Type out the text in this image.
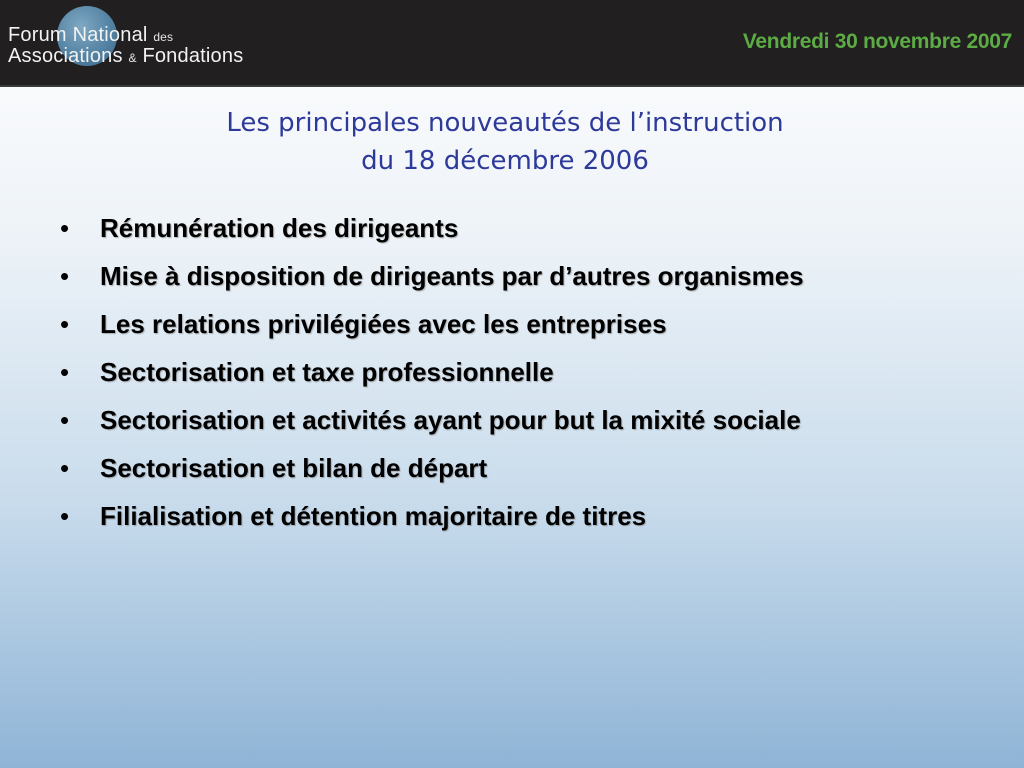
Forum National des
Associations & Fondations
Vendredi 30 novembre 2007
Les principales nouveautés de l’instruction
du 18 décembre 2006
•	Rémunération des dirigeants
•	Mise à disposition de dirigeants par d’autres organismes
•	Les relations privilégiées avec les entreprises
•	Sectorisation et taxe professionnelle
•	Sectorisation et activités ayant pour but la mixité sociale
•	Sectorisation et bilan de départ
•	Filialisation et détention majoritaire de titres
